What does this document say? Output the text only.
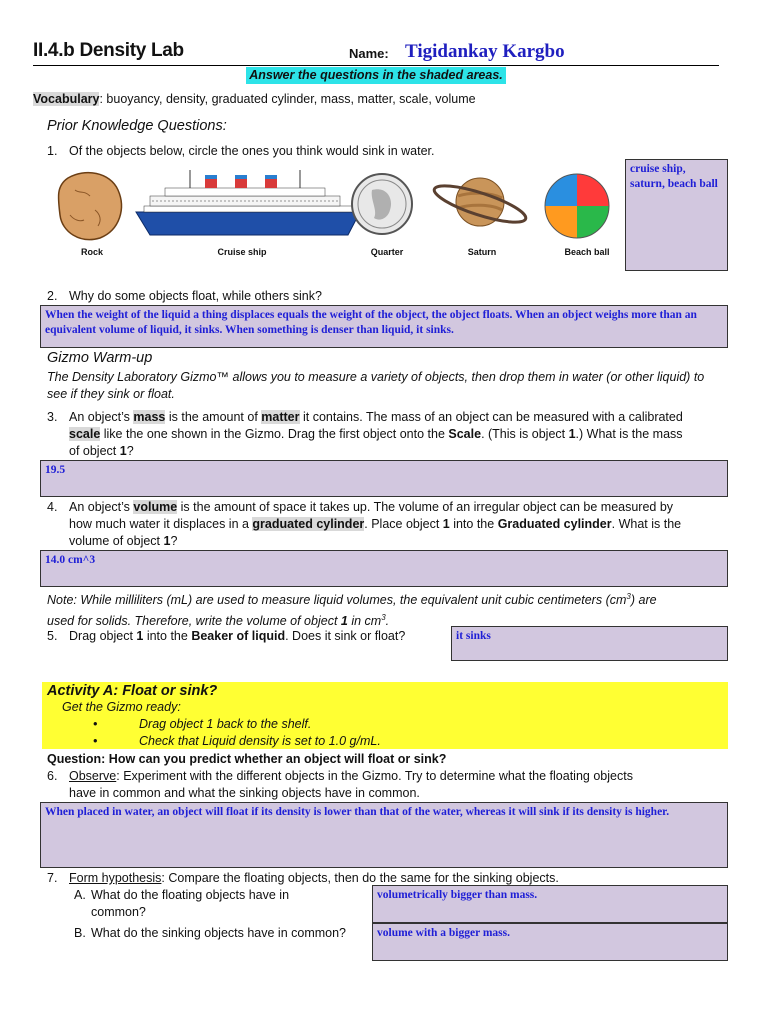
II.4.b Density Lab	Name: Tigidankay Kargbo
Answer the questions in the shaded areas.
Vocabulary: buoyancy, density, graduated cylinder, mass, matter, scale, volume
Prior Knowledge Questions:
1. Of the objects below, circle the ones you think would sink in water.
Rock	Cruise ship	Quarter	Saturn	Beach ball
cruise ship, saturn, beach ball
2. Why do some objects float, while others sink?
When the weight of the liquid a thing displaces equals the weight of the object, the object floats. When an object weighs more than an equivalent volume of liquid, it sinks. When something is denser than liquid, it sinks.
Gizmo Warm-up
The Density Laboratory Gizmo™ allows you to measure a variety of objects, then drop them in water (or other liquid) to see if they sink or float.
3. An object’s mass is the amount of matter it contains. The mass of an object can be measured with a calibrated
scale like the one shown in the Gizmo. Drag the first object onto the Scale. (This is object 1.) What is the mass
of object 1?
19.5
4. An object’s volume is the amount of space it takes up. The volume of an irregular object can be measured by
how much water it displaces in a graduated cylinder. Place object 1 into the Graduated cylinder. What is the
volume of object 1?
14.0 cm^3
Note: While milliliters (mL) are used to measure liquid volumes, the equivalent unit cubic centimeters $(cm^3)$ are
used for solids. Therefore, write the volume of object 1 in $cm^3$.
5. Drag object 1 into the Beaker of liquid. Does it sink or float?	it sinks
Activity A: Float or sink?
Get the Gizmo ready:
•	Drag object 1 back to the shelf.
•	Check that Liquid density is set to 1.0 g/mL.
Question: How can you predict whether an object will float or sink?
6. Observe: Experiment with the different objects in the Gizmo. Try to determine what the floating objects
have in common and what the sinking objects have in common.
When placed in water, an object will float if its density is lower than that of the water, whereas it will sink if its density is higher.
7. Form hypothesis: Compare the floating objects, then do the same for the sinking objects.
A. What do the floating objects have in
common?
volumetrically bigger than mass.
B. What do the sinking objects have in common?	volume with a bigger mass.
